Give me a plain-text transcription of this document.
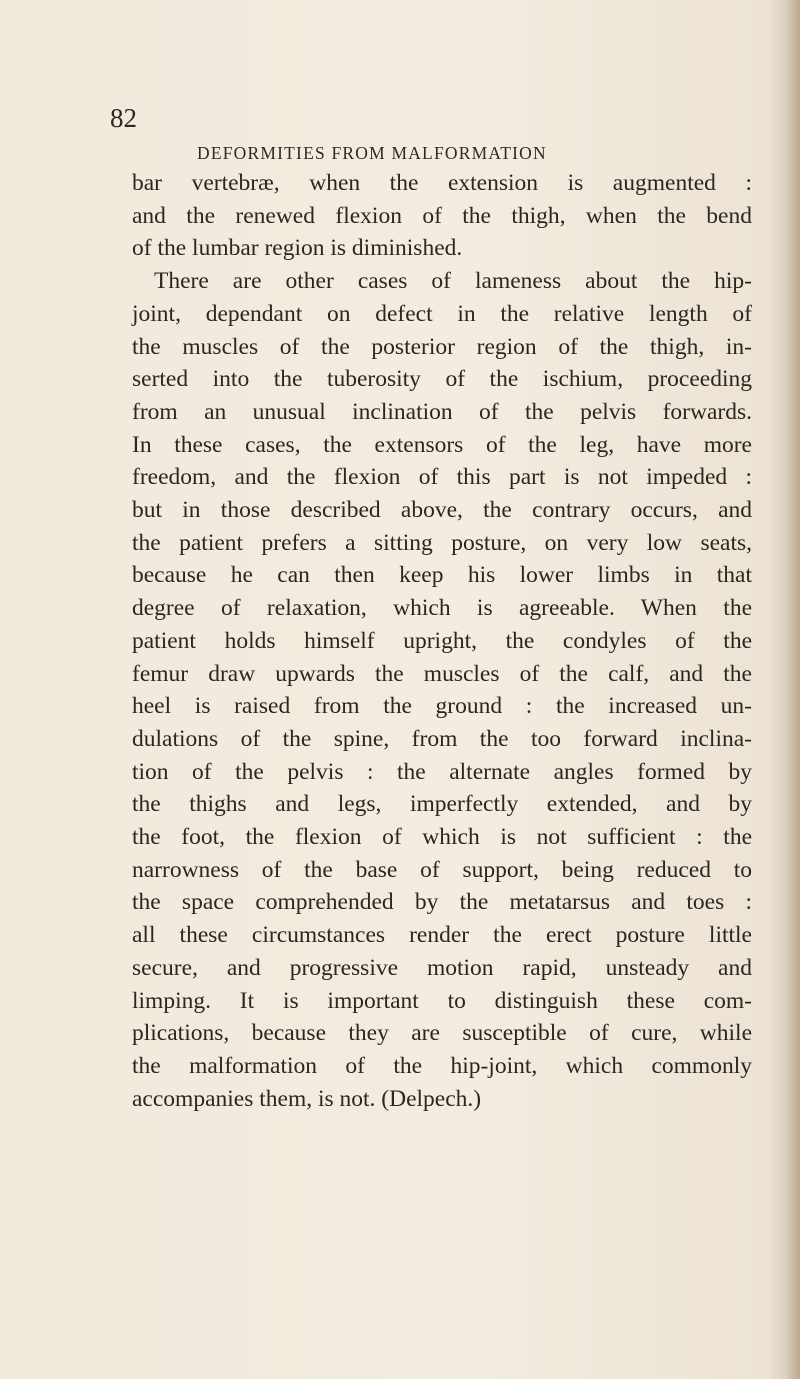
82
DEFORMITIES FROM MALFORMATION
bar vertebræ, when the extension is augmented :
and the renewed flexion of the thigh, when the bend
of the lumbar region is diminished.
There are other cases of lameness about the hip-
joint, dependant on defect in the relative length of
the muscles of the posterior region of the thigh, in-
serted into the tuberosity of the ischium, proceeding
from an unusual inclination of the pelvis forwards.
In these cases, the extensors of the leg, have more
freedom, and the flexion of this part is not impeded :
but in those described above, the contrary occurs, and
the patient prefers a sitting posture, on very low seats,
because he can then keep his lower limbs in that
degree of relaxation, which is agreeable. When the
patient holds himself upright, the condyles of the
femur draw upwards the muscles of the calf, and the
heel is raised from the ground : the increased un-
dulations of the spine, from the too forward inclina-
tion of the pelvis : the alternate angles formed by
the thighs and legs, imperfectly extended, and by
the foot, the flexion of which is not sufficient : the
narrowness of the base of support, being reduced to
the space comprehended by the metatarsus and toes :
all these circumstances render the erect posture little
secure, and progressive motion rapid, unsteady and
limping. It is important to distinguish these com-
plications, because they are susceptible of cure, while
the malformation of the hip-joint, which commonly
accompanies them, is not. (Delpech.)
